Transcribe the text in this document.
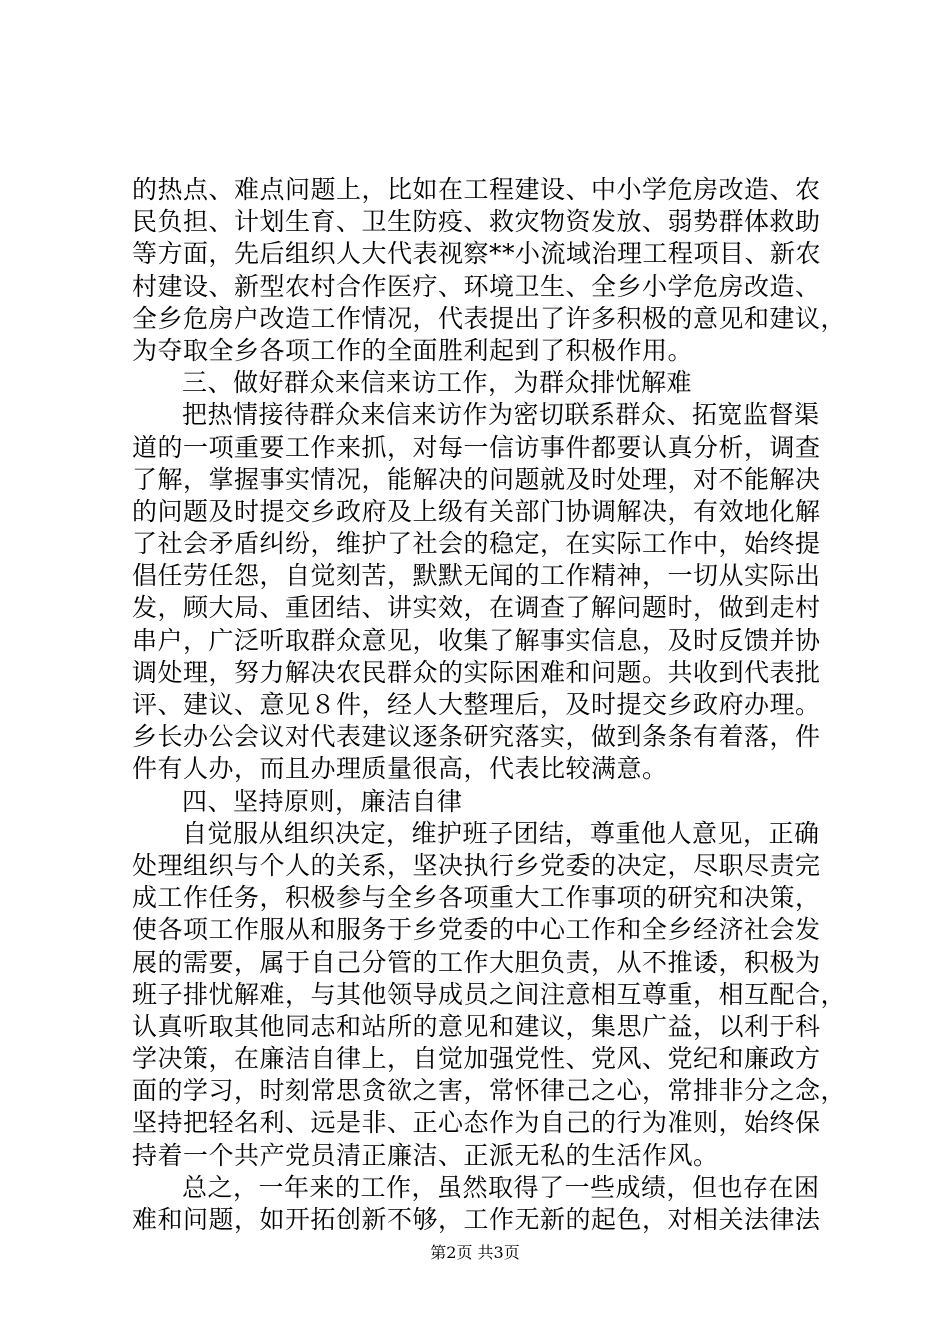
的热点、难点问题上，比如在工程建设、中小学危房改造、农
民负担、计划生育、卫生防疫、救灾物资发放、弱势群体救助
等方面，先后组织人大代表视察**小流域治理工程项目、新农
村建设、新型农村合作医疗、环境卫生、全乡小学危房改造、
全乡危房户改造工作情况，代表提出了许多积极的意见和建议，
为夺取全乡各项工作的全面胜利起到了积极作用。
三、做好群众来信来访工作，为群众排忧解难
把热情接待群众来信来访作为密切联系群众、拓宽监督渠
道的一项重要工作来抓，对每一信访事件都要认真分析，调查
了解，掌握事实情况，能解决的问题就及时处理，对不能解决
的问题及时提交乡政府及上级有关部门协调解决，有效地化解
了社会矛盾纠纷，维护了社会的稳定，在实际工作中，始终提
倡任劳任怨，自觉刻苦，默默无闻的工作精神，一切从实际出
发，顾大局、重团结、讲实效，在调查了解问题时，做到走村
串户，广泛听取群众意见，收集了解事实信息，及时反馈并协
调处理，努力解决农民群众的实际困难和问题。共收到代表批
评、建议、意见８件，经人大整理后，及时提交乡政府办理。
乡长办公会议对代表建议逐条研究落实，做到条条有着落，件
件有人办，而且办理质量很高，代表比较满意。
四、坚持原则，廉洁自律
自觉服从组织决定，维护班子团结，尊重他人意见，正确
处理组织与个人的关系，坚决执行乡党委的决定，尽职尽责完
成工作任务，积极参与全乡各项重大工作事项的研究和决策，
使各项工作服从和服务于乡党委的中心工作和全乡经济社会发
展的需要，属于自己分管的工作大胆负责，从不推诿，积极为
班子排忧解难，与其他领导成员之间注意相互尊重，相互配合，
认真听取其他同志和站所的意见和建议，集思广益，以利于科
学决策，在廉洁自律上，自觉加强党性、党风、党纪和廉政方
面的学习，时刻常思贪欲之害，常怀律己之心，常排非分之念，
坚持把轻名利、远是非、正心态作为自己的行为准则，始终保
持着一个共产党员清正廉洁、正派无私的生活作风。
总之，一年来的工作，虽然取得了一些成绩，但也存在困
难和问题，如开拓创新不够，工作无新的起色，对相关法律法
第2页 共3页
